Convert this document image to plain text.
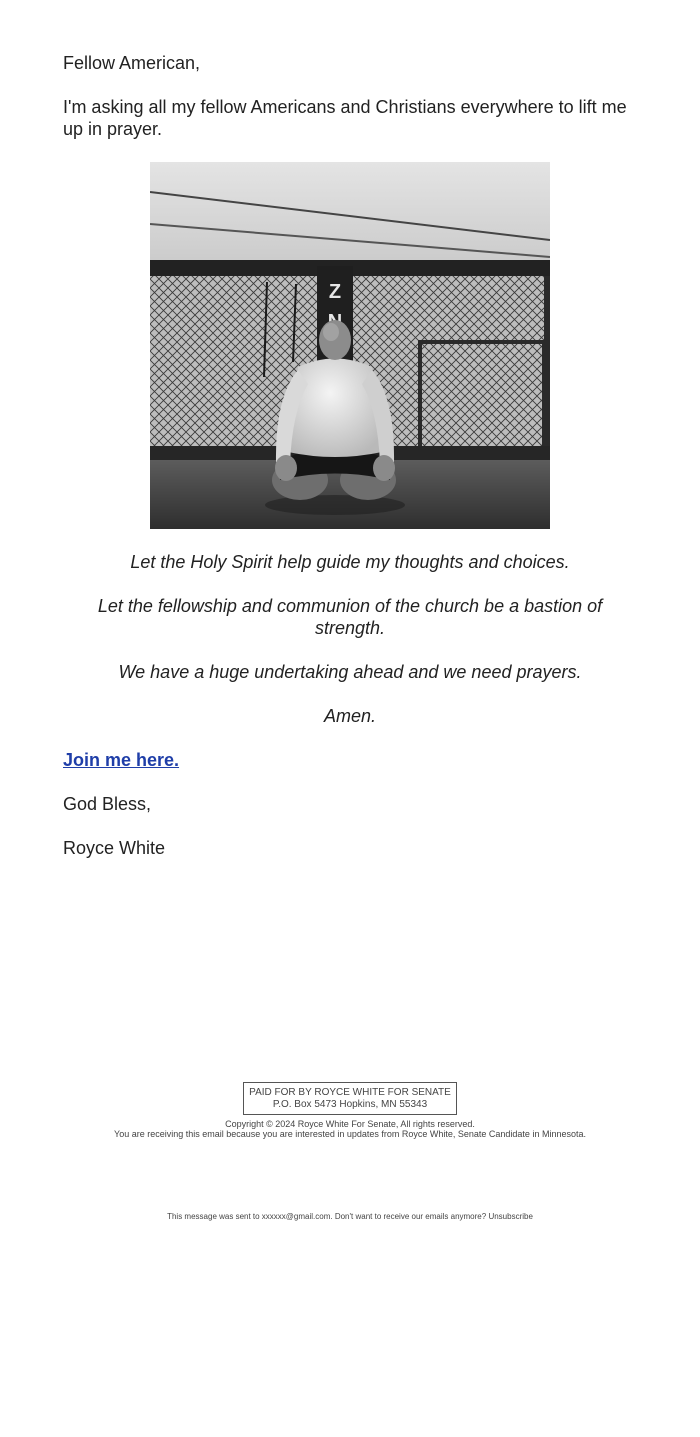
Fellow American,

I'm asking all my fellow Americans and Christians everywhere to lift me up in prayer.

Z

Let the Holy Spirit help guide my thoughts and choices.

Let the fellowship and communion of the church be a bastion of strength.

We have a huge undertaking ahead and we need prayers.

Amen.

Join me here.

God Bless,

Royce White

PAID FOR BY ROYCE WHITE FOR SENATE
P.O. Box 5473 Hopkins, MN 55343
Copyright © 2024 Royce White For Senate, All rights reserved.
You are receiving this email because you are interested in updates from Royce White, Senate Candidate in Minnesota.
This message was sent to xxxxxx@gmail.com. Don't want to receive our emails anymore? Unsubscribe
